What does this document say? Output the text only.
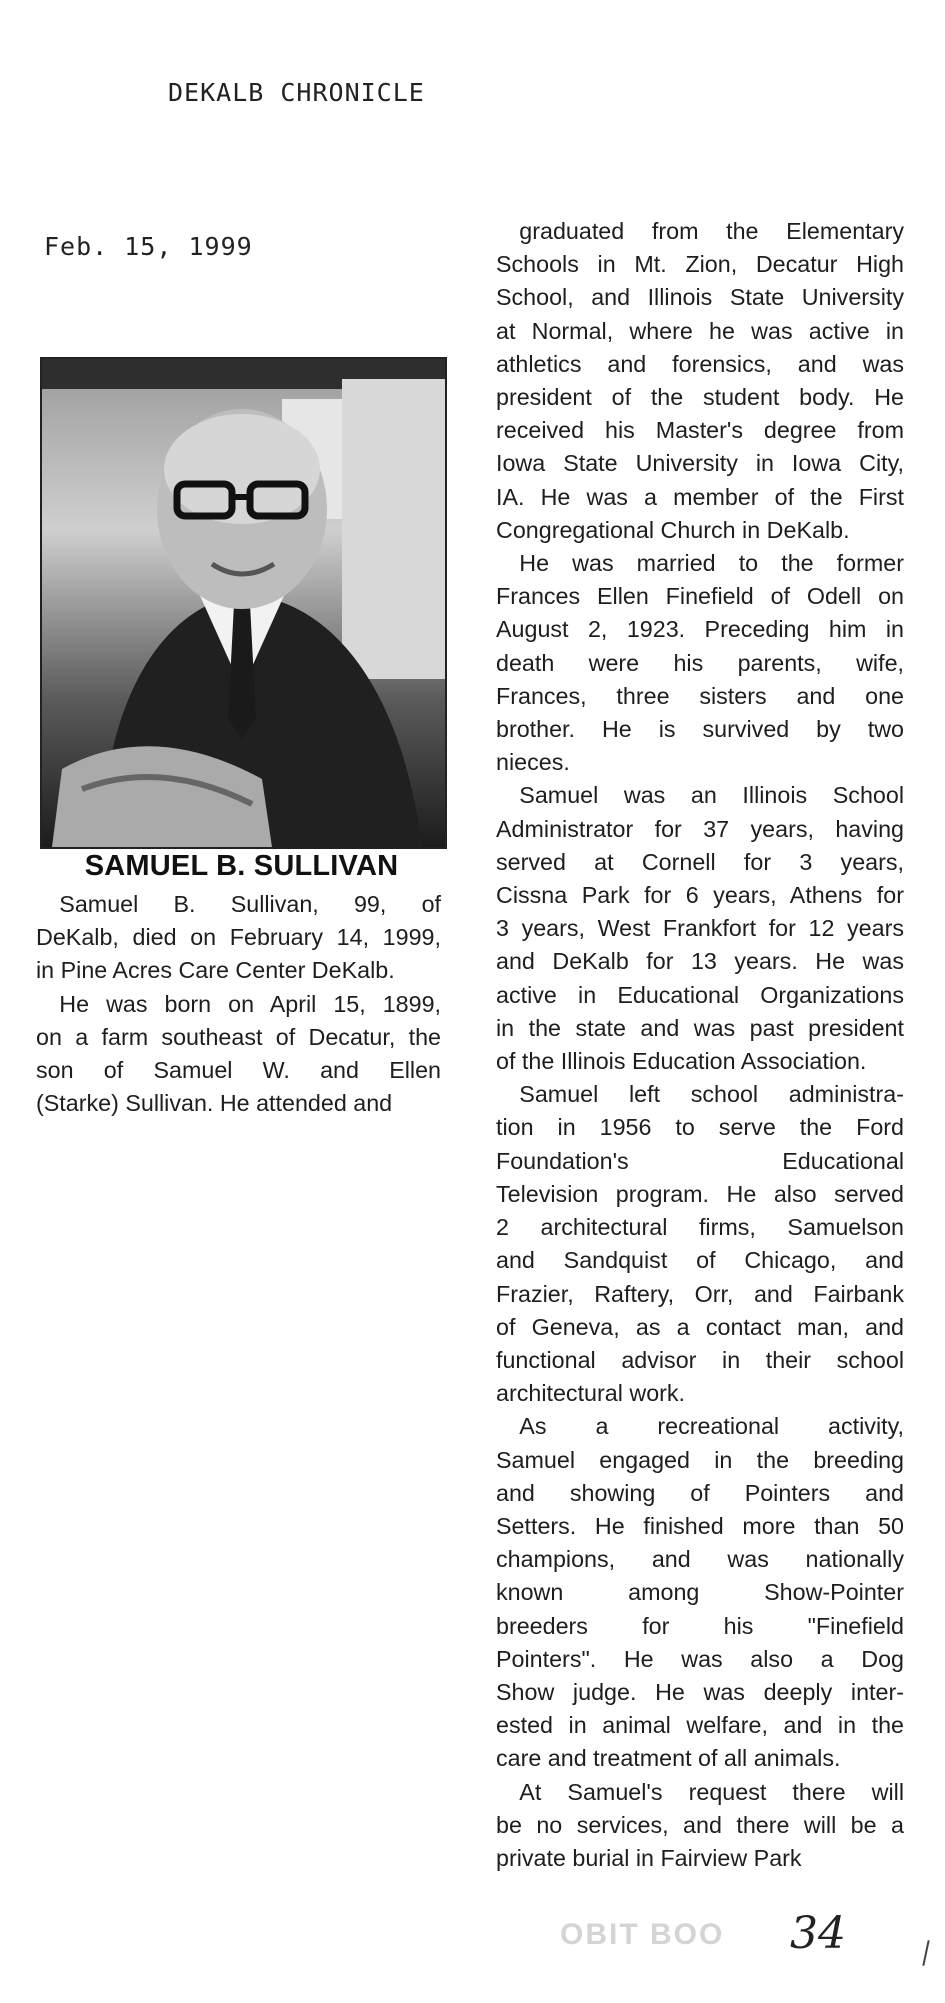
DEKALB CHRONICLE
Feb. 15, 1999
SAMUEL B. SULLIVAN

 Samuel B. Sullivan, 99, of
DeKalb, died on February 14, 1999,
in Pine Acres Care Center DeKalb.

 He was born on April 15, 1899,
on a farm southeast of Decatur, the
son of Samuel W. and Ellen
(Starke) Sullivan. He attended and

 graduated from the Elementary
Schools in Mt. Zion, Decatur High
School, and Illinois State University
at Normal, where he was active in
athletics and forensics, and was
president of the student body. He
received his Master's degree from
Iowa State University in Iowa City,
IA. He was a member of the First
Congregational Church in DeKalb.

 He was married to the former
Frances Ellen Finefield of Odell on
August 2, 1923. Preceding him in
death were his parents, wife,
Frances, three sisters and one
brother. He is survived by two
nieces.

 Samuel was an Illinois School
Administrator for 37 years, having
served at Cornell for 3 years,
Cissna Park for 6 years, Athens for
3 years, West Frankfort for 12 years
and DeKalb for 13 years. He was
active in Educational Organizations
in the state and was past president
of the Illinois Education Association.

 Samuel left school administra-
tion in 1956 to serve the Ford
Foundation's Educational
Television program. He also served
2 architectural firms, Samuelson
and Sandquist of Chicago, and
Frazier, Raftery, Orr, and Fairbank
of Geneva, as a contact man, and
functional advisor in their school
architectural work.

 As a recreational activity,
Samuel engaged in the breeding
and showing of Pointers and
Setters. He finished more than 50
champions, and was nationally
known among Show-Pointer
breeders for his "Finefield
Pointers". He was also a Dog
Show judge. He was deeply inter-
ested in animal welfare, and in the
care and treatment of all animals.

 At Samuel's request there will
be no services, and there will be a
private burial in Fairview Park

OBIT BOO 34
